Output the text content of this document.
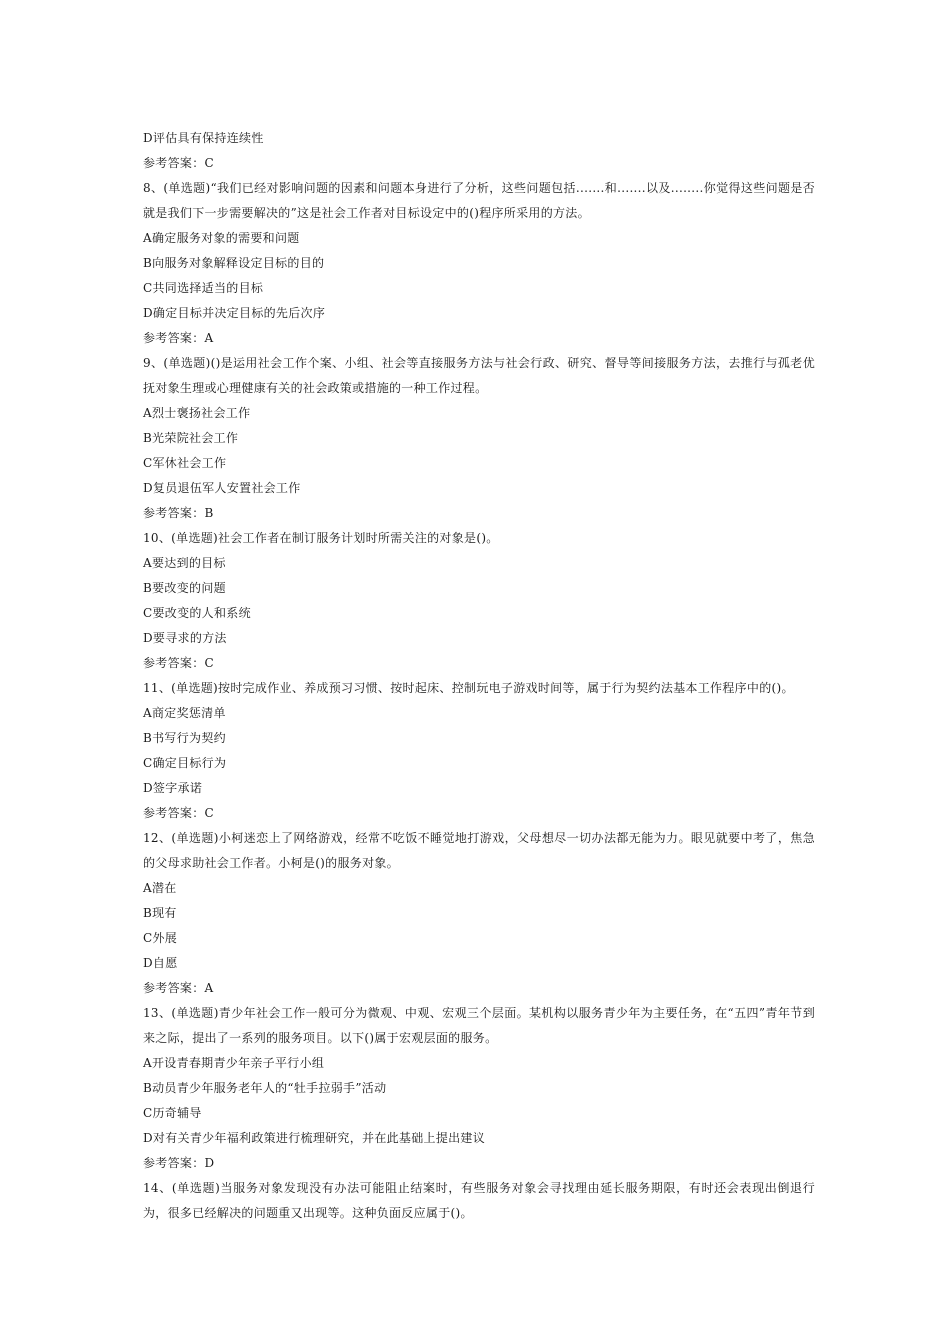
D评估具有保持连续性
参考答案：C
8、(单选题)“我们已经对影响问题的因素和问题本身进行了分析，这些问题包括.......和.......以及........你觉得这些问题是否就是我们下一步需要解决的”这是社会工作者对目标设定中的()程序所采用的方法。
A确定服务对象的需要和问题
B向服务对象解释设定目标的目的
C共同选择适当的目标
D确定目标并决定目标的先后次序
参考答案：A
9、(单选题)()是运用社会工作个案、小组、社会等直接服务方法与社会行政、研究、督导等间接服务方法，去推行与孤老优抚对象生理或心理健康有关的社会政策或措施的一种工作过程。
A烈士褒扬社会工作
B光荣院社会工作
C军休社会工作
D复员退伍军人安置社会工作
参考答案：B
10、(单选题)社会工作者在制订服务计划时所需关注的对象是()。
A要达到的目标
B要改变的问题
C要改变的人和系统
D要寻求的方法
参考答案：C
11、(单选题)按时完成作业、养成预习习惯、按时起床、控制玩电子游戏时间等，属于行为契约法基本工作程序中的()。
A商定奖惩清单
B书写行为契约
C确定目标行为
D签字承诺
参考答案：C
12、(单选题)小柯迷恋上了网络游戏，经常不吃饭不睡觉地打游戏，父母想尽一切办法都无能为力。眼见就要中考了，焦急的父母求助社会工作者。小柯是()的服务对象。
A潜在
B现有
C外展
D自愿
参考答案：A
13、(单选题)青少年社会工作一般可分为微观、中观、宏观三个层面。某机构以服务青少年为主要任务，在“五四”青年节到来之际，提出了一系列的服务项目。以下()属于宏观层面的服务。
A开设青春期青少年亲子平行小组
B动员青少年服务老年人的“牡手拉弱手”活动
C历奇辅导
D对有关青少年福利政策进行梳理研究，并在此基础上提出建议
参考答案：D
14、(单选题)当服务对象发现没有办法可能阻止结案时，有些服务对象会寻找理由延长服务期限，有时还会表现出倒退行为，很多已经解决的问题重又出现等。这种负面反应属于()。
